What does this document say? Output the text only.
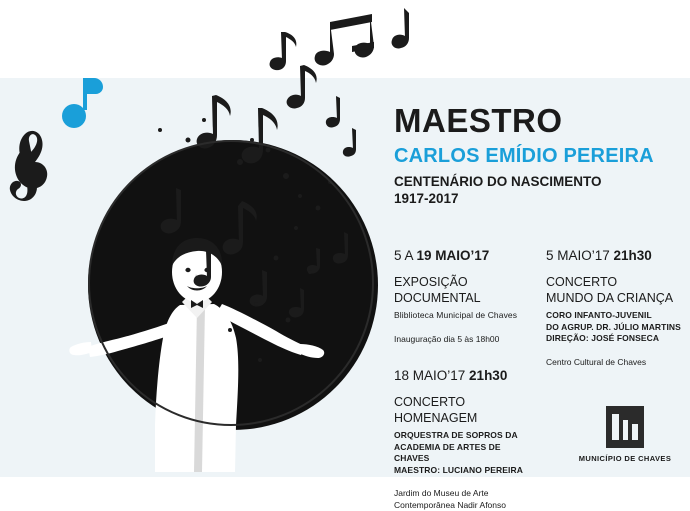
MAESTRO
CARLOS EMÍDIO PEREIRA
CENTENÁRIO DO NASCIMENTO
1917-2017
5 A 19 MAIO’17
EXPOSIÇÃO
DOCUMENTAL
Bliblioteca Municipal de Chaves
Inauguração dia 5 às 18h00
5 MAIO’17 21h30
CONCERTO
MUNDO DA CRIANÇA
CORO INFANTO-JUVENIL
DO AGRUP. DR. JÚLIO MARTINS
DIREÇÃO: JOSÉ FONSECA
Centro Cultural de Chaves
18 MAIO’17 21h30
CONCERTO
HOMENAGEM
ORQUESTRA DE SOPROS DA
ACADEMIA DE ARTES DE CHAVES
MAESTRO: LUCIANO PEREIRA
Jardim do Museu de Arte
Contemporânea Nadir Afonso
MUNICÍPIO DE CHAVES
